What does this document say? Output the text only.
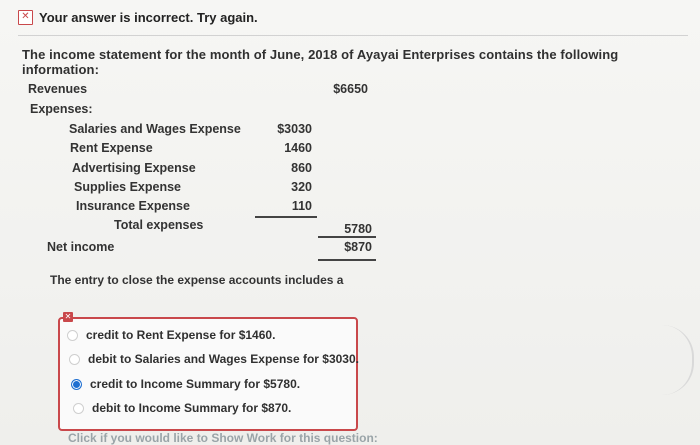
✕ Your answer is incorrect. Try again.
The income statement for the month of June, 2018 of Ayayai Enterprises contains the following information:
Revenues	$6650
Expenses:
Salaries and Wages Expense	$3030
Rent Expense	1460
Advertising Expense	860
Supplies Expense	320
Insurance Expense	110
Total expenses	5780
Net income	$870
The entry to close the expense accounts includes a
✕
credit to Rent Expense for $1460.
debit to Salaries and Wages Expense for $3030.
credit to Income Summary for $5780.
debit to Income Summary for $870.
Click if you would like to Show Work for this question:
